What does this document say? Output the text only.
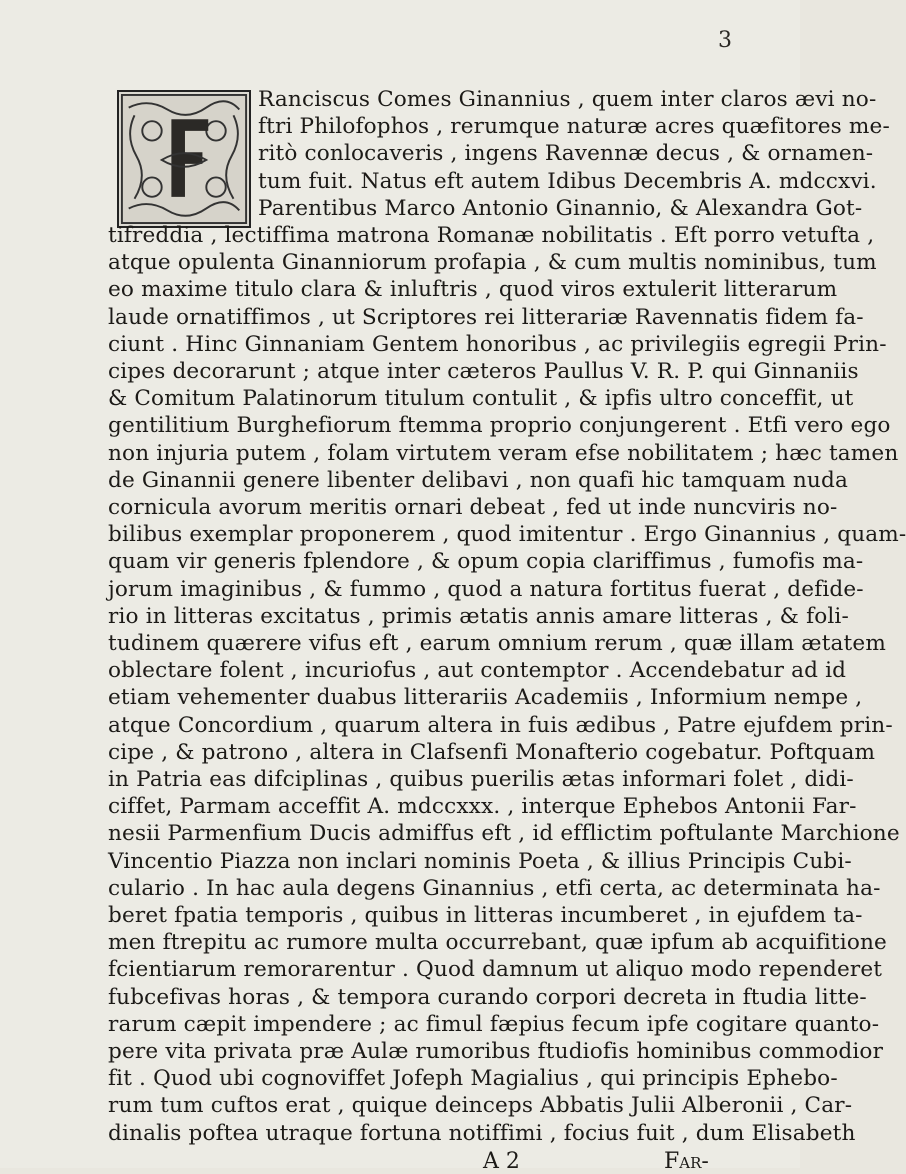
3
Ranciscus Comes Ginannius , quem inter claros ævi no-
ftri Philofophos , rerumque naturæ acres quæfitores me-
ritò conlocaveris , ingens Ravennæ decus , & ornamen-
tum fuit. Natus eft autem Idibus Decembris A. mdccxvi.
Parentibus Marco Antonio Ginannio, & Alexandra Got-
tifreddia , lectiffima matrona Romanæ nobilitatis . Eft porro vetufta ,
atque opulenta Ginanniorum profapia , & cum multis nominibus, tum
eo maxime titulo clara & inluftris , quod viros extulerit litterarum
laude ornatiffimos , ut Scriptores rei litterariæ Ravennatis fidem fa-
ciunt . Hinc Ginnaniam Gentem honoribus , ac privilegiis egregii Prin-
cipes decorarunt ; atque inter cæteros Paullus V. R. P. qui Ginnaniis
& Comitum Palatinorum titulum contulit , & ipfis ultro conceffit, ut
gentilitium Burghefiorum ftemma proprio conjungerent . Etfi vero ego
non injuria putem , folam virtutem veram efse nobilitatem ; hæc tamen
de Ginannii genere libenter delibavi , non quafi hic tamquam nuda
cornicula avorum meritis ornari debeat , fed ut inde nuncviris no-
bilibus exemplar proponerem , quod imitentur . Ergo Ginannius , quam-
quam vir generis fplendore , & opum copia clariffimus , fumofis ma-
jorum imaginibus , & fummo , quod a natura fortitus fuerat , defide-
rio in litteras excitatus , primis ætatis annis amare litteras , & foli-
tudinem quærere vifus eft , earum omnium rerum , quæ illam ætatem
oblectare folent , incuriofus , aut contemptor . Accendebatur ad id
etiam vehementer duabus litterariis Academiis , Informium nempe ,
atque Concordium , quarum altera in fuis ædibus , Patre ejufdem prin-
cipe , & patrono , altera in Clafsenfi Monafterio cogebatur. Poftquam
in Patria eas difciplinas , quibus puerilis ætas informari folet , didi-
ciffet, Parmam acceffit A. mdccxxx. , interque Ephebos Antonii Far-
nesii Parmenfium Ducis admiffus eft , id efflictim poftulante Marchione
Vincentio Piazza non inclari nominis Poeta , & illius Principis Cubi-
culario . In hac aula degens Ginannius , etfi certa, ac determinata ha-
beret fpatia temporis , quibus in litteras incumberet , in ejufdem ta-
men ftrepitu ac rumore multa occurrebant, quæ ipfum ab acquifitione
fcientiarum remorarentur . Quod damnum ut aliquo modo rependeret
fubcefivas horas , & tempora curando corpori decreta in ftudia litte-
rarum cæpit impendere ; ac fimul fæpius fecum ipfe cogitare quanto-
pere vita privata præ Aulæ rumoribus ftudiofis hominibus commodior
fit . Quod ubi cognoviffet Jofeph Magialius , qui principis Ephebo-
A 2	Far-
rum tum cuftos erat , quique deinceps Abbatis Julii Alberonii , Car-
dinalis poftea utraque fortuna notiffimi , focius fuit , dum Elisabeth
